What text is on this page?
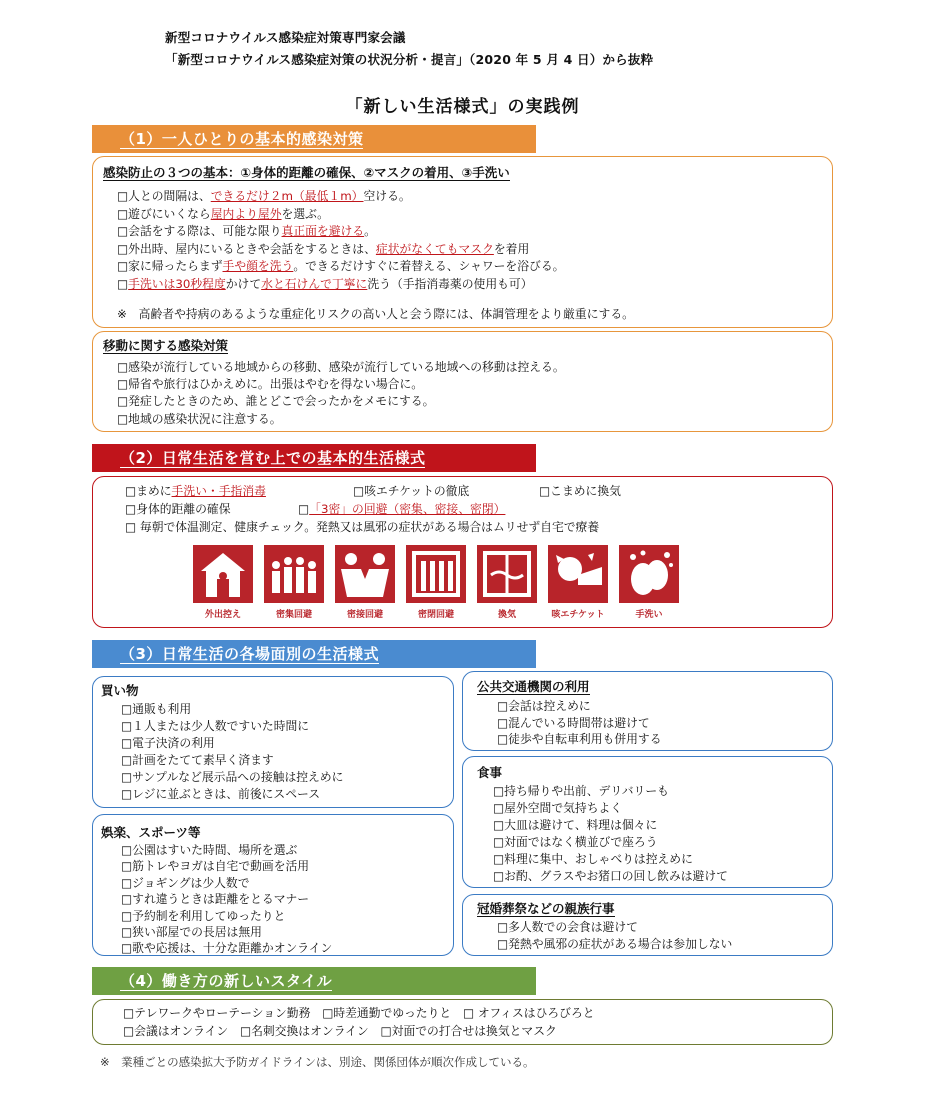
新型コロナウイルス感染症対策専門家会議
「新型コロナウイルス感染症対策の状況分析・提言」（2020 年 5 月 4 日）から抜粋
「新しい生活様式」の実践例
（1）一人ひとりの基本的感染対策
感染防止の３つの基本：①身体的距離の確保、②マスクの着用、③手洗い
□人との間隔は、できるだけ２m（最低１m）空ける。
□遊びにいくなら屋内より屋外を選ぶ。
□会話をする際は、可能な限り真正面を避ける。
□外出時、屋内にいるときや会話をするときは、症状がなくてもマスクを着用
□家に帰ったらまず手や顔を洗う。できるだけすぐに着替える、シャワーを浴びる。
□手洗いは30秒程度かけて水と石けんで丁寧に洗う（手指消毒薬の使用も可）
※　高齢者や持病のあるような重症化リスクの高い人と会う際には、体調管理をより厳重にする。
移動に関する感染対策
□感染が流行している地域からの移動、感染が流行している地域への移動は控える。
□帰省や旅行はひかえめに。出張はやむを得ない場合に。
□発症したときのため、誰とどこで会ったかをメモにする。
□地域の感染状況に注意する。
（2）日常生活を営む上での基本的生活様式
□まめに手洗い・手指消毒	□咳エチケットの徹底	□こまめに換気
□身体的距離の確保	□「3密」の回避（密集、密接、密閉）
□ 毎朝で体温測定、健康チェック。発熱又は風邪の症状がある場合はムリせず自宅で療養
外出控え	密集回避	密接回避	密閉回避	換気	咳エチケット	手洗い
（3）日常生活の各場面別の生活様式
買い物
□通販も利用
□１人または少人数ですいた時間に
□電子決済の利用
□計画をたてて素早く済ます
□サンプルなど展示品への接触は控えめに
□レジに並ぶときは、前後にスペース
娯楽、スポーツ等
□公園はすいた時間、場所を選ぶ
□筋トレやヨガは自宅で動画を活用
□ジョギングは少人数で
□すれ違うときは距離をとるマナー
□予約制を利用してゆったりと
□狭い部屋での長居は無用
□歌や応援は、十分な距離かオンライン
公共交通機関の利用
□会話は控えめに
□混んでいる時間帯は避けて
□徒歩や自転車利用も併用する
食事
□持ち帰りや出前、デリバリーも
□屋外空間で気持ちよく
□大皿は避けて、料理は個々に
□対面ではなく横並びで座ろう
□料理に集中、おしゃべりは控えめに
□お酌、グラスやお猪口の回し飲みは避けて
冠婚葬祭などの親族行事
□多人数での会食は避けて
□発熱や風邪の症状がある場合は参加しない
（4）働き方の新しいスタイル
□テレワークやローテーション勤務　□時差通勤でゆったりと　□ オフィスはひろびろと
□会議はオンライン　□名刺交換はオンライン　□対面での打合せは換気とマスク
※　業種ごとの感染拡大予防ガイドラインは、別途、関係団体が順次作成している。
